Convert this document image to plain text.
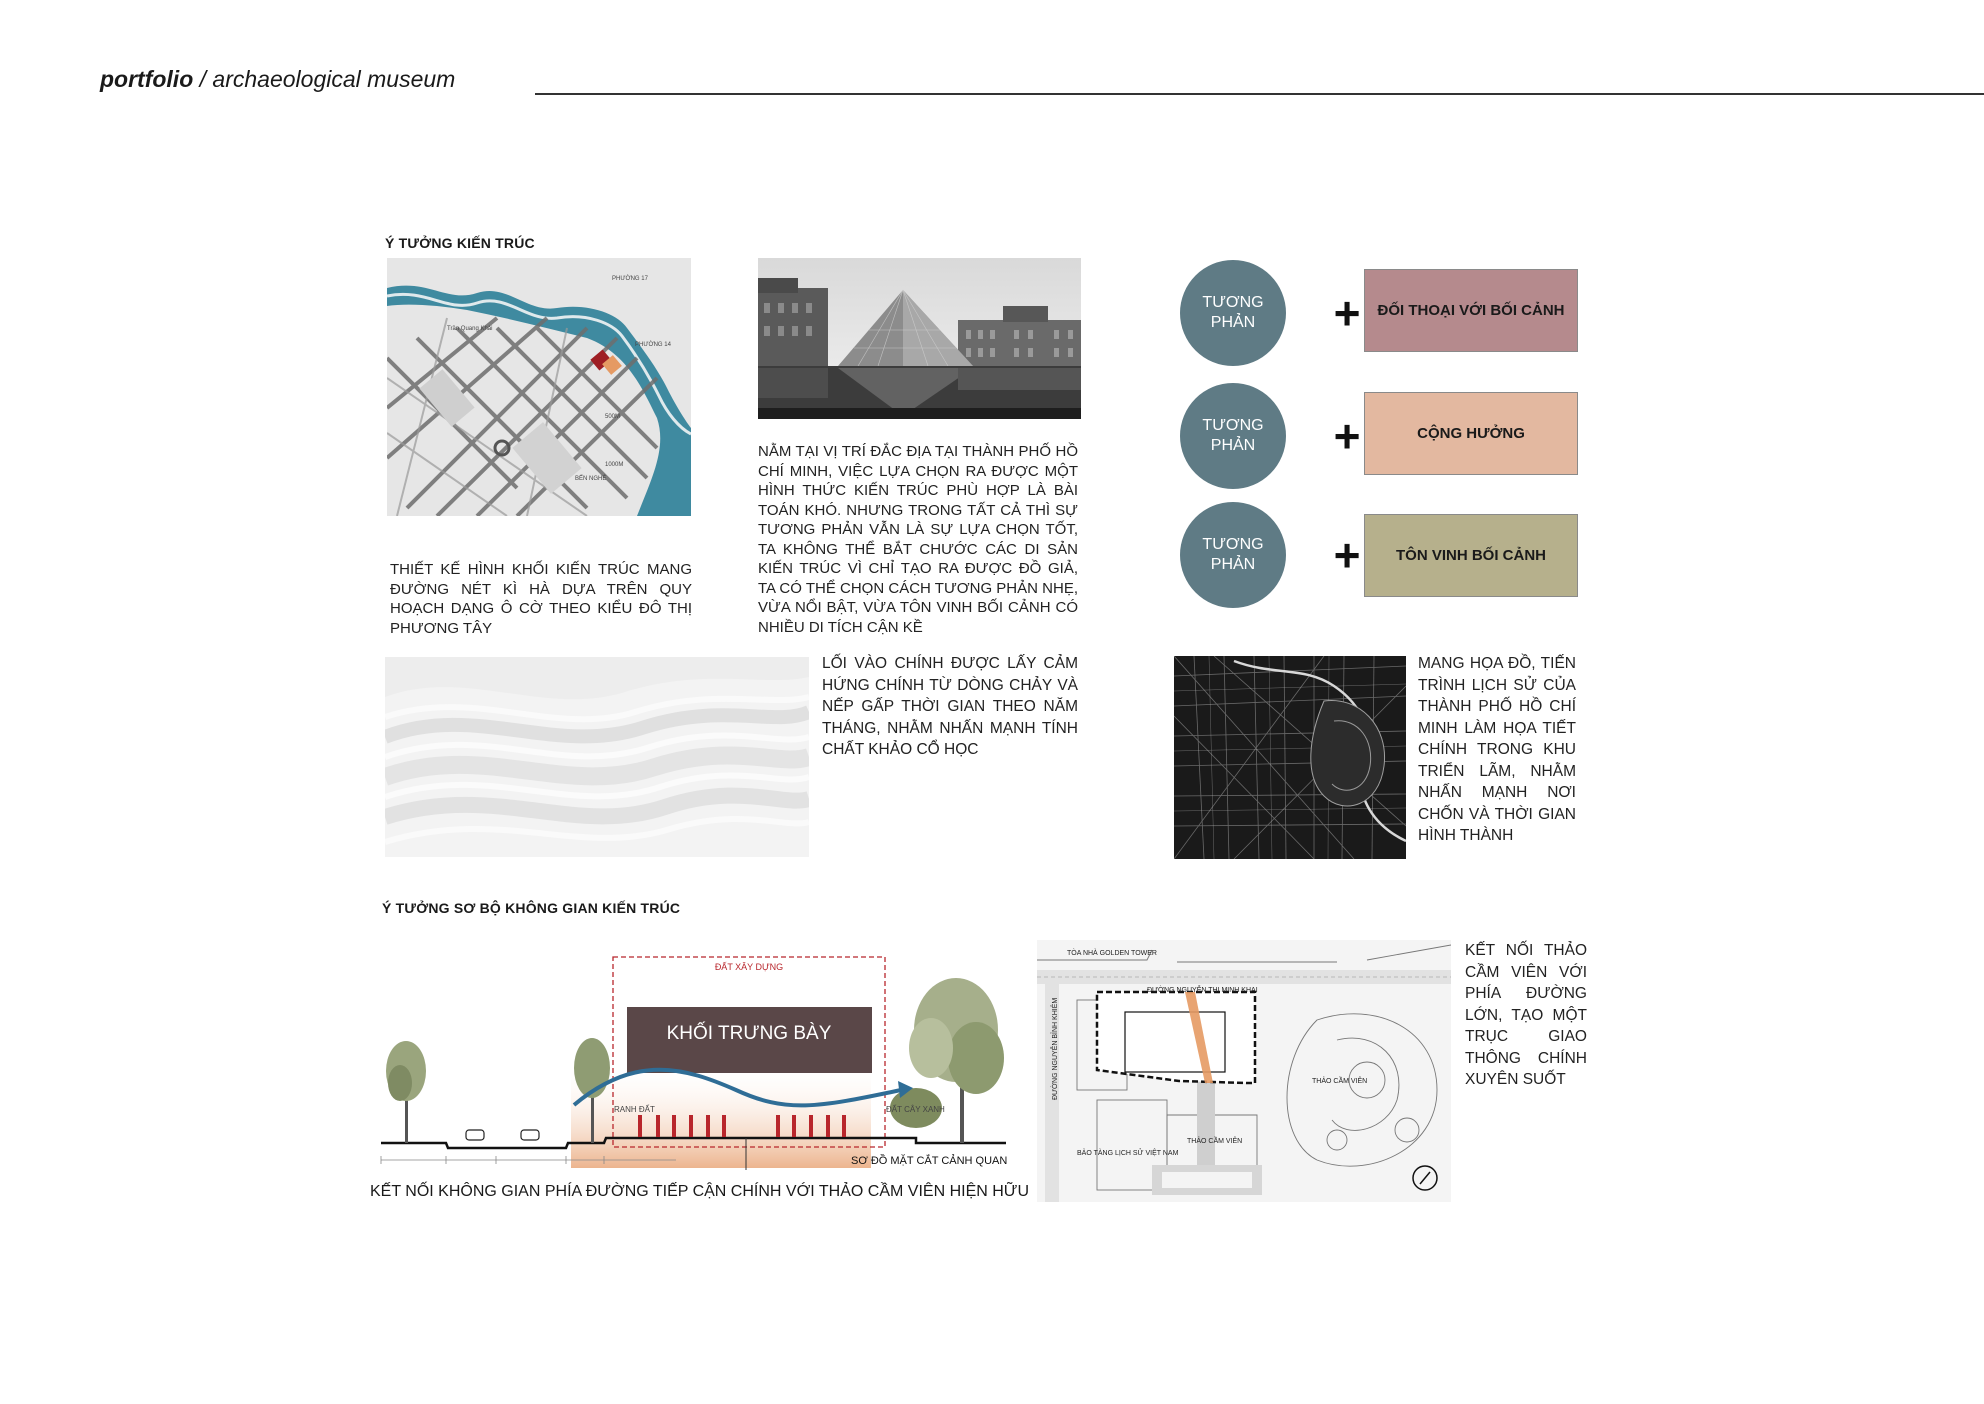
portfolio / archaeological museum
Ý TƯỞNG KIẾN TRÚC
PHƯỜNG 17
PHƯỜNG 14
500M
1000M
BẾN NGHÉ
Trần Quang Khải
THIẾT KẾ HÌNH KHỐI KIẾN TRÚC MANG ĐƯỜNG NÉT KÌ HÀ DỰA TRÊN QUY HOẠCH DẠNG Ô CỜ THEO KIỂU ĐÔ THỊ PHƯƠNG TÂY
NẰM TẠI VỊ TRÍ ĐẮC ĐỊA TẠI THÀNH PHỐ HỒ CHÍ MINH, VIỆC LỰA CHỌN RA ĐƯỢC MỘT HÌNH THỨC KIẾN TRÚC PHÙ HỢP LÀ BÀI TOÁN KHÓ. NHƯNG TRONG TẤT CẢ THÌ SỰ TƯƠNG PHẢN VẪN LÀ SỰ LỰA CHỌN TỐT, TA KHÔNG THỂ BẮT CHƯỚC CÁC DI SẢN KIẾN TRÚC VÌ CHỈ TẠO RA ĐƯỢC ĐỒ GIẢ, TA CÓ THỂ CHỌN CÁCH TƯƠNG PHẢN NHẸ, VỪA NỔI BẬT, VỪA TÔN VINH BỐI CẢNH CÓ NHIỀU DI TÍCH CẬN KỀ
TƯƠNG PHẢN	+	ĐỐI THOẠI VỚI BỐI CẢNH
TƯƠNG PHẢN	+	CỘNG HƯỞNG
TƯƠNG PHẢN	+	TÔN VINH BỐI CẢNH
LỐI VÀO CHÍNH ĐƯỢC LẤY CẢM HỨNG CHÍNH TỪ DÒNG CHẢY VÀ NẾP GẤP THỜI GIAN THEO NĂM THÁNG, NHẰM NHẤN MẠNH TÍNH CHẤT KHẢO CỔ HỌC
MANG HỌA ĐỒ, TIẾN TRÌNH LỊCH SỬ CỦA THÀNH PHỐ HỒ CHÍ MINH LÀM HỌA TIẾT CHÍNH TRONG KHU TRIỂN LÃM, NHẰM NHẤN MẠNH NƠI CHỐN VÀ THỜI GIAN HÌNH THÀNH
Ý TƯỞNG SƠ BỘ KHÔNG GIAN KIẾN TRÚC
ĐẤT XÂY DỰNG
KHỐI TRƯNG BÀY
RANH ĐẤT	ĐẤT CÂY XANH
SƠ ĐỒ MẶT CẮT CẢNH QUAN
KẾT NỐI KHÔNG GIAN PHÍA ĐƯỜNG TIẾP CẬN CHÍNH VỚI THẢO CẦM VIÊN HIỆN HỮU
TÒA NHÀ GOLDEN TOWER
ĐƯỜNG NGUYỄN THỊ MINH KHAI
ĐƯỜNG NGUYỄN BỈNH KHIÊM	THẢO CẦM VIÊN
THẢO CẦM VIÊN
BẢO TÀNG LỊCH SỬ VIỆT NAM
KẾT NỐI THẢO CẦM VIÊN VỚI PHÍA ĐƯỜNG LỚN, TẠO MỘT TRỤC GIAO THÔNG CHÍNH XUYÊN SUỐT
